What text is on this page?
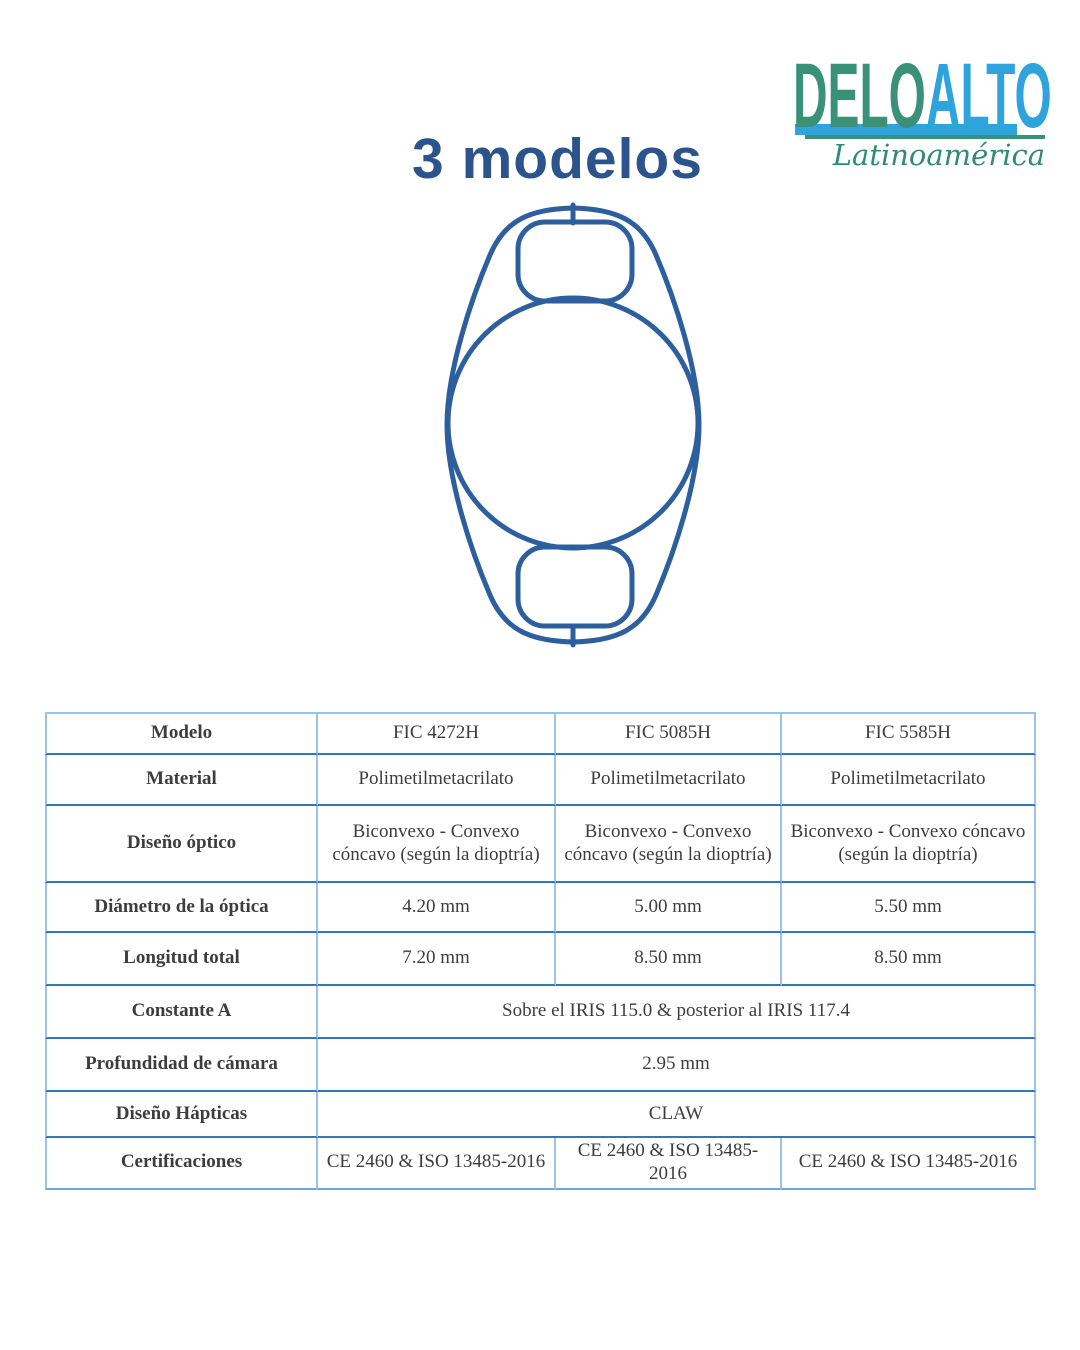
DELOALTO
Latinoamérica
3 modelos
Modelo	FIC 4272H	FIC 5085H	FIC 5585H
Material	Polimetilmetacrilato	Polimetilmetacrilato	Polimetilmetacrilato
Diseño óptico	Biconvexo - Convexo cóncavo (según la dioptría)	Biconvexo - Convexo cóncavo (según la dioptría)	Biconvexo - Convexo cóncavo (según la dioptría)
Diámetro de la óptica	4.20 mm	5.00 mm	5.50 mm
Longitud total	7.20 mm	8.50 mm	8.50 mm
Constante A	Sobre el IRIS 115.0 & posterior al IRIS 117.4		
Profundidad de cámara	2.95 mm		
Diseño Hápticas	CLAW		
Certificaciones	CE 2460 & ISO 13485-2016	CE 2460 & ISO 13485-2016	CE 2460 & ISO 13485-2016
